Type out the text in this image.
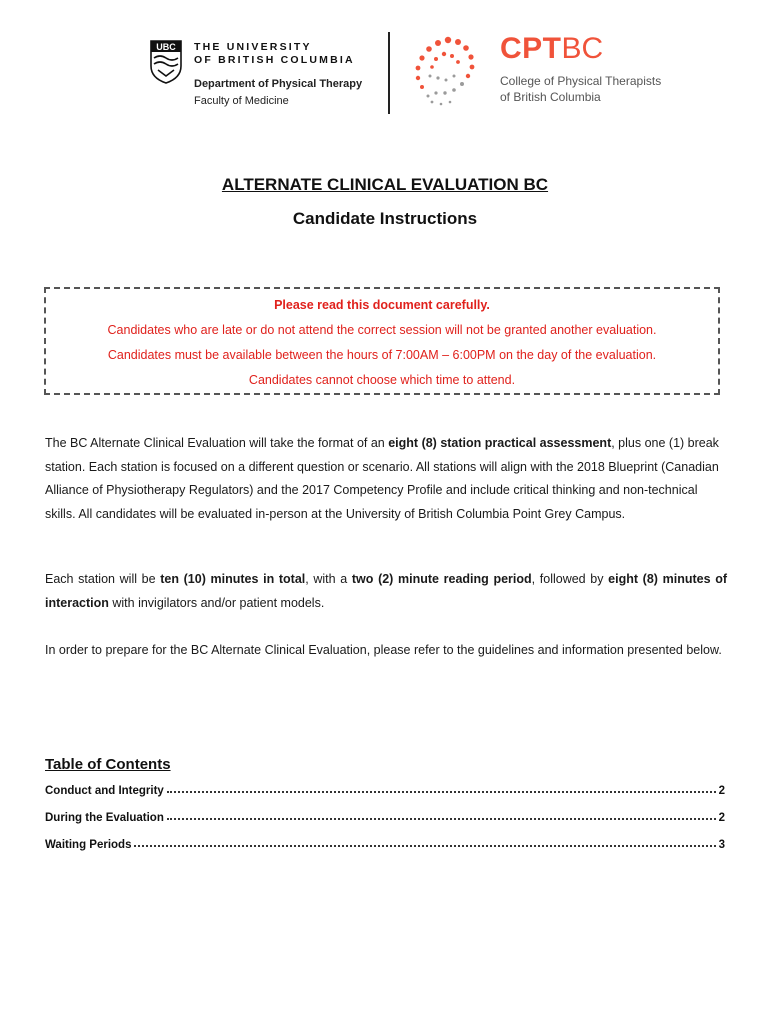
UBC THE UNIVERSITY
OF BRITISH COLUMBIA
Department of Physical Therapy
Faculty of Medicine
CPTBC
College of Physical Therapists
of British Columbia
ALTERNATE CLINICAL EVALUATION BC
Candidate Instructions

Please read this document carefully.

Candidates who are late or do not attend the correct session will not be granted another evaluation.

Candidates must be available between the hours of 7:00AM – 6:00PM on the day of the evaluation.

Candidates cannot choose which time to attend.

The BC Alternate Clinical Evaluation will take the format of an eight (8) station practical assessment, plus one (1) break station. Each station is focused on a different question or scenario. All stations will align with the 2018 Blueprint (Canadian Alliance of Physiotherapy Regulators) and the 2017 Competency Profile and include critical thinking and non-technical skills. All candidates will be evaluated in-person at the University of British Columbia Point Grey Campus.

Each station will be ten (10) minutes in total, with a two (2) minute reading period, followed by eight (8) minutes of interaction with invigilators and/or patient models.

In order to prepare for the BC Alternate Clinical Evaluation, please refer to the guidelines and information presented below.

Table of Contents
Conduct and Integrity	2
During the Evaluation	2
Waiting Periods	3
